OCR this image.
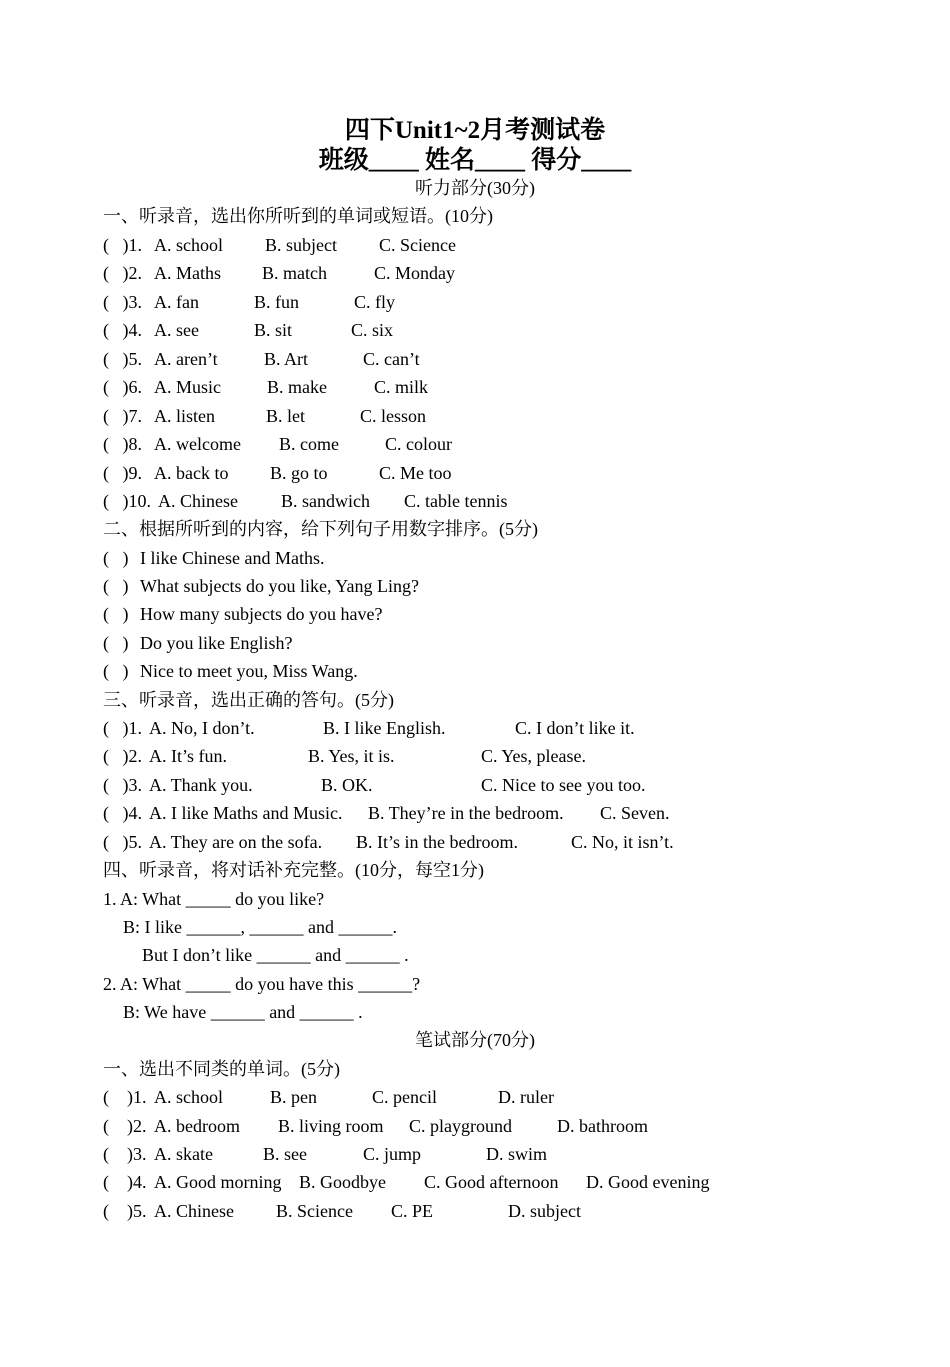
四下Unit1~2月考测试卷
班级____ 姓名____ 得分____
听力部分(30分)
一、听录音，选出你所听到的单词或短语。(10分)

(   )1.

A. school

B. subject

C. Science

(   )2.

A. Maths

B. match

	C. Monday

(   )3.

A. fan

	B. fun

	C. fly

(   )4.

A. see

	B. sit

	C. six

(   )5.

A. aren’t

	B. Art

	C. can’t

(   )6.

A. Music

	B. make

	C. milk

(   )7.

A. listen

	B. let

	C. lesson

(   )8.

A. welcome

B. come

	C. colour

(   )9.

A. back to

B. go to

	C. Me too

(   )10.

A. Chinese

B. sandwich

C. table tennis

二、根据所听到的内容，给下列句子用数字排序。(5分)

(   )

I like Chinese and Maths.

(   )

What subjects do you like, Yang Ling?

(   )

How many subjects do you have?

(   )

Do you like English?

(   )

Nice to meet you, Miss Wang.

三、听录音，选出正确的答句。(5分)

(   )1.

A. No, I don’t.

	B. I like English.

	C. I don’t like it.

(   )2.

A. It’s fun.

	B. Yes, it is.

	C. Yes, please.

(   )3.

A. Thank you.

	B. OK.

	C. Nice to see you too.

(   )4.

A. I like Maths and Music.

B. They’re in the bedroom.

C. Seven.

(   )5.

A. They are on the sofa.

B. It’s in the bedroom.

	C. No, it isn’t.

四、听录音，将对话补充完整。(10分，每空1分)
1. A: What _____ do you like?
B: I like ______, ______ and ______.
But I don’t like ______ and ______ .
2. A: What _____ do you have this ______?
B: We have ______ and ______ .
笔试部分(70分)
一、选出不同类的单词。(5分)

(    )1.

A. school

	B. pen

	C. pencil

	D. ruler

(    )2.

A. bedroom

B. living room

C. playground

	D. bathroom

(    )3.

A. skate

	B. see

	C. jump

	D. swim

(    )4.

A. Good morning

B. Goodbye

C. Good afternoon

D. Good evening

(    )5.

A. Chinese

B. Science

C. PE

	D. subject
